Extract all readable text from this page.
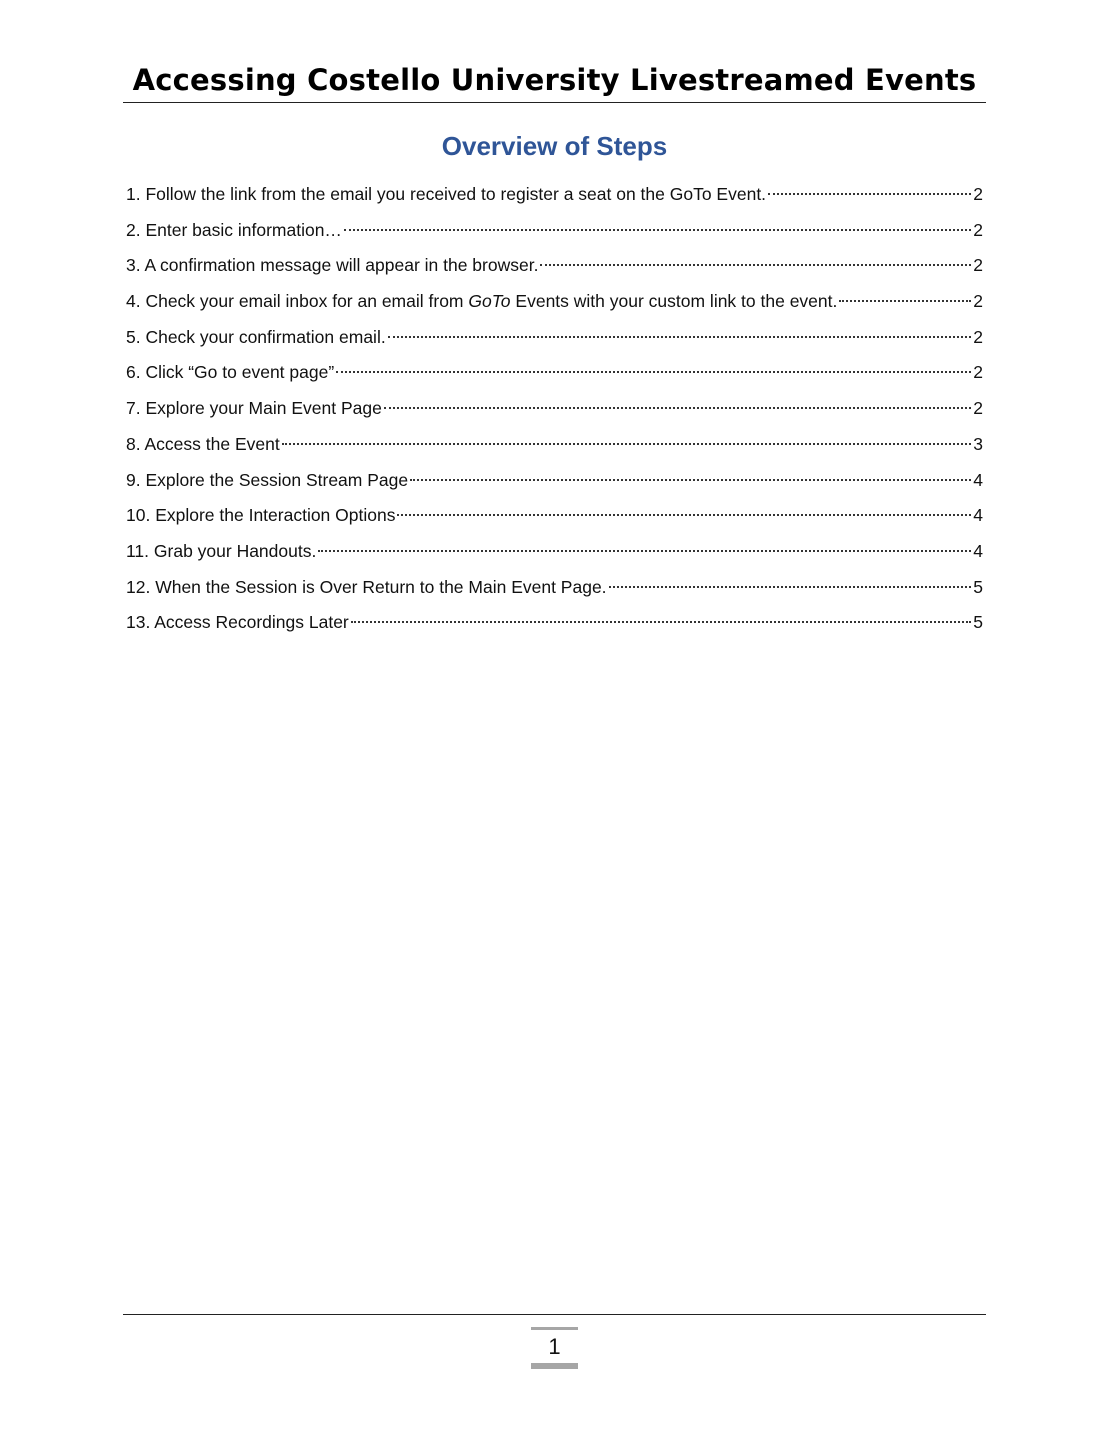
Accessing Costello University Livestreamed Events
Overview of Steps
1. Follow the link from the email you received to register a seat on the GoTo Event.	2
2. Enter basic information…	2
3. A confirmation message will appear in the browser.	2
4. Check your email inbox for an email from GoTo Events with your custom link to the event.	2
5. Check your confirmation email.	2
6. Click “Go to event page”	2
7. Explore your Main Event Page	2
8. Access the Event	3
9. Explore the Session Stream Page	4
10. Explore the Interaction Options	4
11. Grab your Handouts.	4
12. When the Session is Over Return to the Main Event Page.	5
13. Access Recordings Later	5
1
